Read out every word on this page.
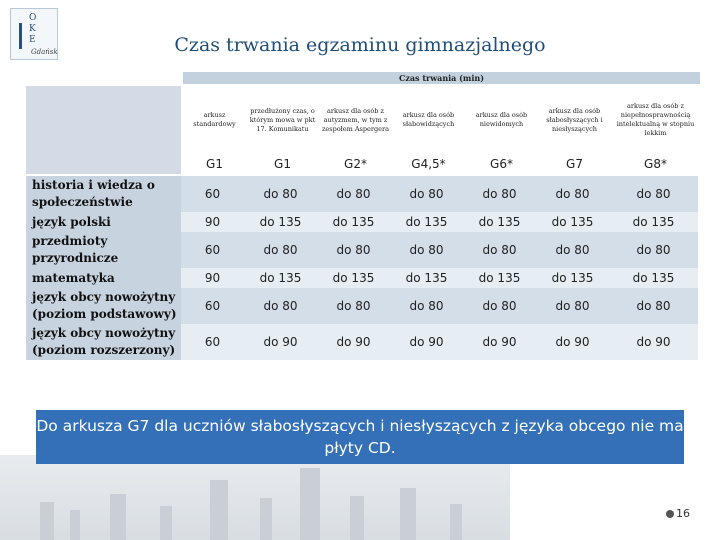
O
K
E
Gdańsk	Czas trwania egzaminu gimnazjalnego
Czas trwania (min)
arkusz standardowy
przedłużony czas, o którym mowa w pkt 17. Komunikatu
arkusz dla osób z autyzmem, w tym z zespołem Aspergera
arkusz dla osób słabowidzących
arkusz dla osób niewidomych
arkusz dla osób słabosłyszących i niesłyszących
arkusz dla osób z niepełnosprawnością intelektualną w stopniu lekkim
G1	G1	G2*	G4,5*	G6*	G7	G8*
historia i wiedza o społeczeństwie
60	do 80	do 80	do 80	do 80	do 80	do 80
język polski	90	do 135	do 135	do 135	do 135	do 135	do 135
przedmioty przyrodnicze
60	do 80	do 80	do 80	do 80	do 80	do 80
matematyka	90	do 135	do 135	do 135	do 135	do 135	do 135
język obcy nowożytny (poziom podstawowy)
60	do 80	do 80	do 80	do 80	do 80	do 80
język obcy nowożytny (poziom rozszerzony)
60	do 90	do 90	do 90	do 90	do 90	do 90
Do arkusza G7 dla uczniów słabosłyszących i niesłyszących z języka obcego nie ma płyty CD.
16
